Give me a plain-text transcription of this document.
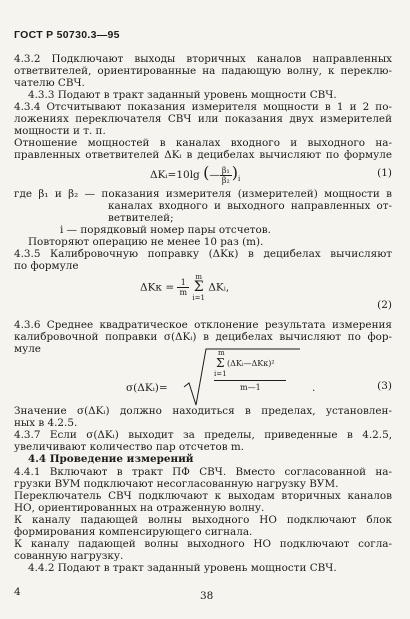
ГОСТ Р 50730.3—95
4.3.2 Подключают выходы вторичных каналов направленных
ответвителей, ориентированные на падающую волну, к переклю-
чателю СВЧ.
4.3.3 Подают в тракт заданный уровень мощности СВЧ.
4.3.4 Отсчитывают показания измерителя мощности в 1 и 2 по-
ложениях переключателя СВЧ или показания двух измерителей
мощности и т. п.
Отношение мощностей в каналах входного и выходного на-
правленных ответвителей ΔKᵢ в децибелах вычисляют по формуле
ΔKᵢ=10lg (— $\frac{\text{β₁}}{\text{β₂}} )_i$
(1)
где β₁ и β₂ — показания измерителя (измерителей) мощности в
каналах входного и выходного направленных от-
ветвителей;
i — порядковый номер пары отсчетов.
Повторяют операцию не менее 10 раз (m).
4.3.5 Калибровочную поправку (ΔKк) в децибелах вычисляют
по формуле
$\Delta Kк = \frac{1}{m}$

m
Σ
i=1
ΔKᵢ,
(2)
4.3.6 Среднее квадратическое отклонение результата измерения
калибровочной поправки σ(ΔKᵢ) в децибелах вычисляют по фор-
муле
σ(ΔKᵢ)=
m
Σ (ΔKᵢ—ΔKк)²
i=1
m—1	.	(3)
Значение σ(ΔKᵢ) должно находиться в пределах, установлен-
ных в 4.2.5.
4.3.7 Если σ(ΔKᵢ) выходит за пределы, приведенные в 4.2.5,
увеличивают количество пар отсчетов m.
4.4 Проведение измерений
4.4.1 Включают в тракт ПФ СВЧ. Вместо согласованной на-
грузки ВУМ подключают несогласованную нагрузку ВУМ.
Переключатель СВЧ подключают к выходам вторичных каналов
НО, ориентированных на отраженную волну.
К каналу падающей волны выходного НО подключают блок
формирования компенсирующего сигнала.
К каналу падающей волны выходного НО подключают согла-
сованную нагрузку.
4.4.2 Подают в тракт заданный уровень мощности СВЧ.
4	38
